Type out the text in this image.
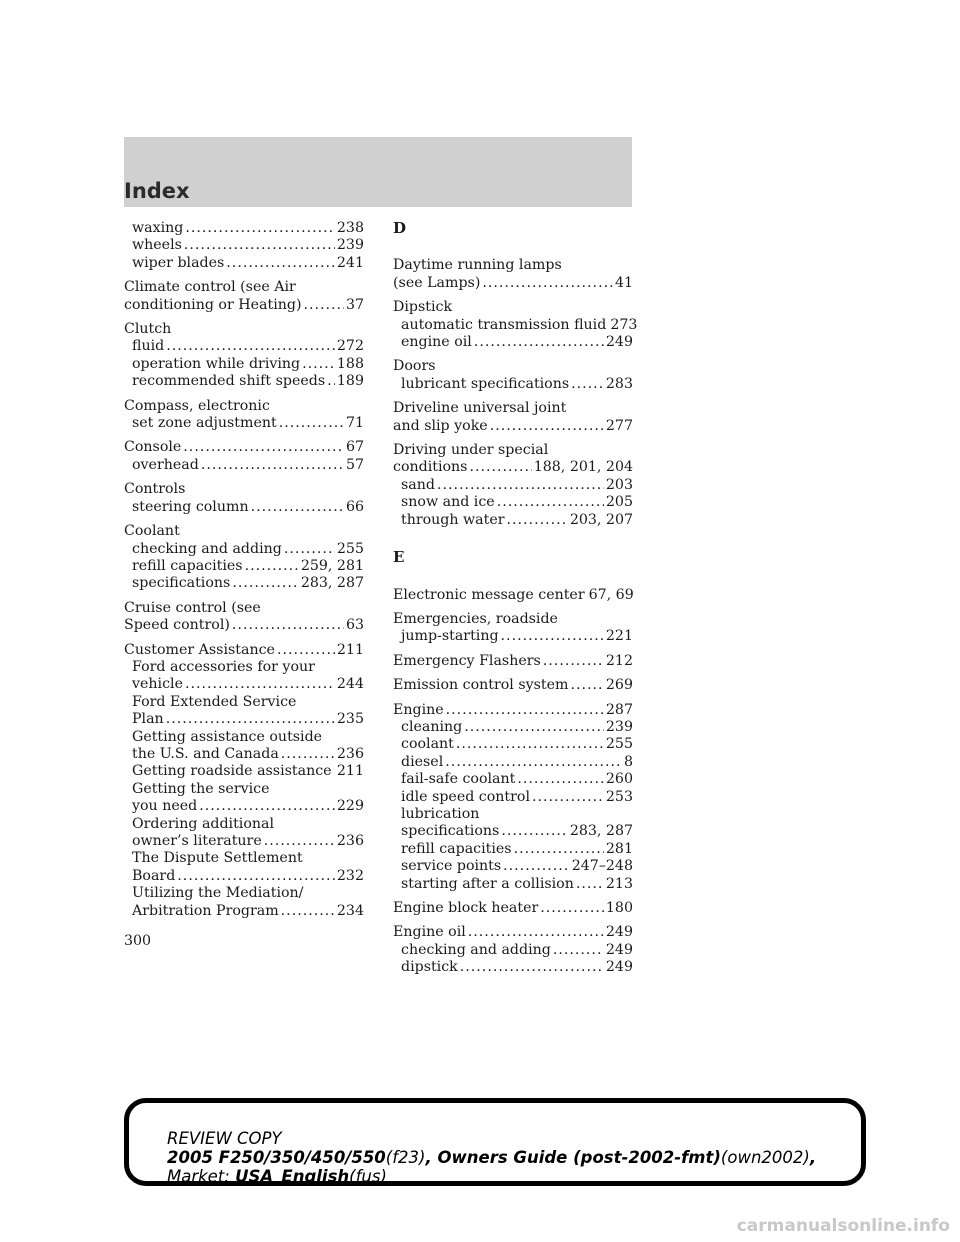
Index
waxing .....	238
wheels .....	239
wiper blades .....	241
Climate control (see Air
conditioning or Heating) .....	37
Clutch
fluid .....	272
operation while driving .....	188
recommended shift speeds ..... 189
Compass, electronic
set zone adjustment .....	71
Console .....	67
overhead .....	57
Controls
steering column .....	66
Coolant
checking and adding .....	255
refill capacities .....	259, 281
specifications .....	283, 287
Cruise control (see
Speed control) .....	63
Customer Assistance .....	211
Ford accessories for your
vehicle .....	244
Ford Extended Service
Plan .....	235
Getting assistance outside
the U.S. and Canada .....	236
Getting roadside assistance ..... 211
Getting the service
you need .....	229
Ordering additional
owner’s literature .....	236
The Dispute Settlement
Board .....	232
Utilizing the Mediation/
Arbitration Program .....	234
D
Daytime running lamps
(see Lamps) .....	41
Dipstick
automatic transmission fluid 273
engine oil .....	249
Doors
lubricant specifications .....	283
Driveline universal joint
and slip yoke .....	277
Driving under special
conditions .....	188, 201, 204
sand .....	203
snow and ice .....	205
through water .....	203, 207
E
Electronic message center 67, 69
Emergencies, roadside
jump-starting .....	221
Emergency Flashers .....	212
Emission control system .....	269
Engine .....	287
cleaning .....	239
coolant .....	255
diesel .....	8
fail-safe coolant .....	260
idle speed control .....	253
lubrication
specifications .....	283, 287
refill capacities .....	281
service points .....	247–248
starting after a collision ..... 213
Engine block heater .....	180
Engine oil .....	249
checking and adding .....	249
dipstick .....	249
300
REVIEW COPY
2005 F250/350/450/550(f23), Owners Guide (post-2002-fmt)(own2002),
Market: USA_English(fus)
carmanualsonline.info
